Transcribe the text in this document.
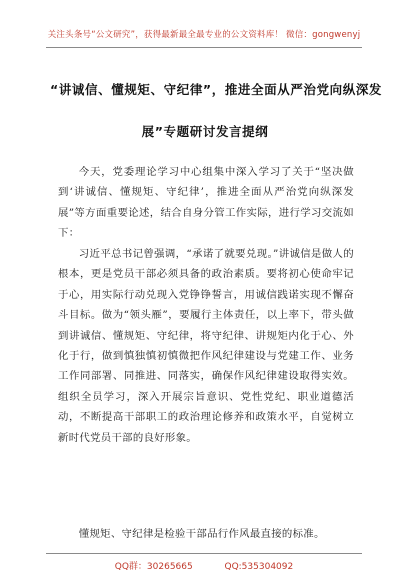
关注头条号“公文研究”，获得最新最全最专业的公文资料库！ 微信：gongwenyj
“讲诚信、懂规矩、守纪律”，推进全面从严治党向纵深发
展”专题研讨发言提纲

今天，党委理论学习中心组集中深入学习了关于“坚决做到‘讲诚信、懂规矩、守纪律’，推进全面从严治党向纵深发展”等方面重要论述，结合自身分管工作实际，进行学习交流如下：

习近平总书记曾强调，“承诺了就要兑现。”讲诚信是做人的根本，更是党员干部必须具备的政治素质。要将初心使命牢记于心，用实际行动兑现入党铮铮誓言，用诚信践诺实现不懈奋斗目标。做为“领头雁”，要履行主体责任，以上率下，带头做到讲诚信、懂规矩、守纪律，将守纪律、讲规矩内化于心、外化于行，做到慎独慎初慎微把作风纪律建设与党建工作、业务工作同部署、同推进、同落实，确保作风纪律建设取得实效。组织全员学习，深入开展宗旨意识、党性党纪、职业道德活动，不断提高干部职工的政治理论修养和政策水平，自觉树立新时代党员干部的良好形象。

懂规矩、守纪律是检验干部品行作风最直接的标准。

QQ群：30265665	QQ:535304092
